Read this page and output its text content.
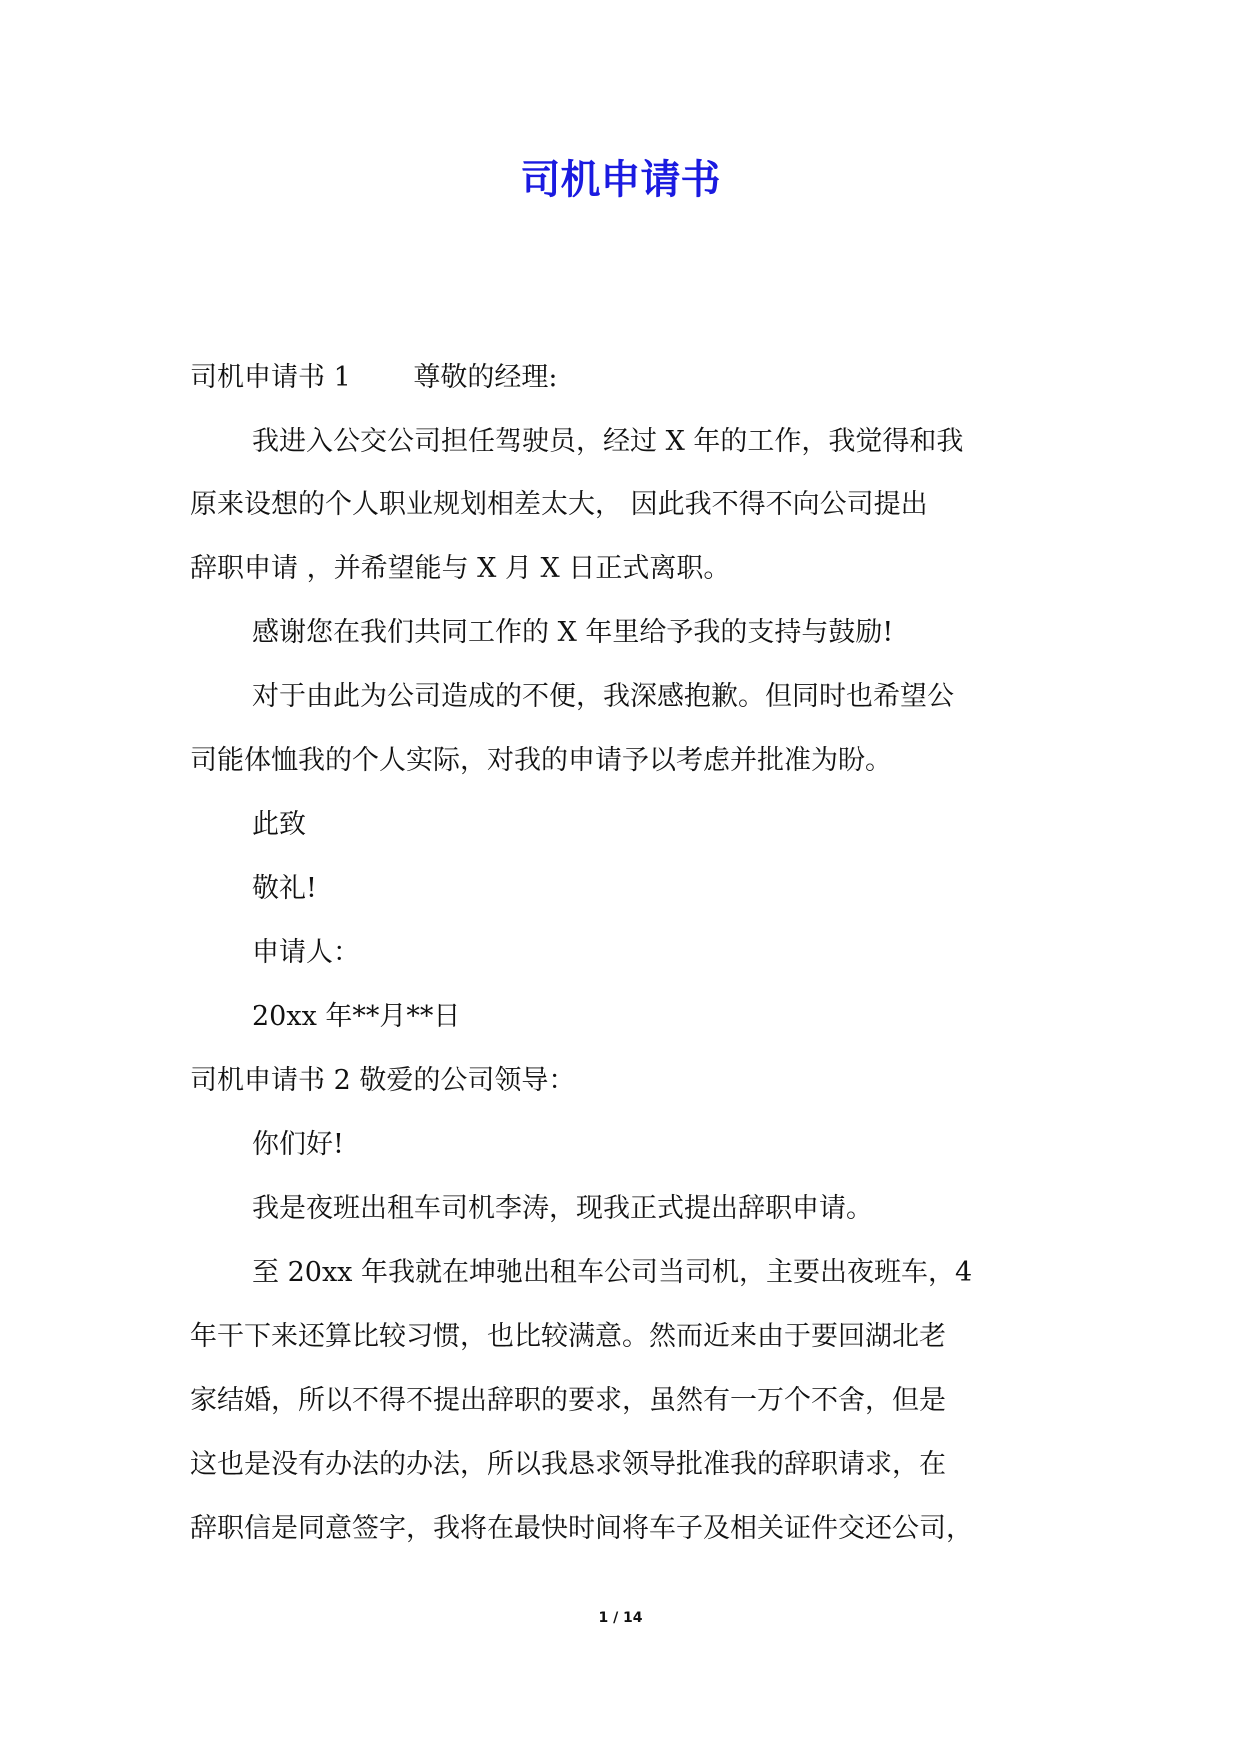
司机申请书
司机申请书 1　　 尊敬的经理:
我进入公交公司担任驾驶员，经过 X 年的工作，我觉得和我
原来设想的个人职业规划相差太大， 因此我不得不向公司提出
辞职申请 ，并希望能与 X 月 X 日正式离职。
感谢您在我们共同工作的 X 年里给予我的支持与鼓励!
对于由此为公司造成的不便，我深感抱歉。但同时也希望公
司能体恤我的个人实际，对我的申请予以考虑并批准为盼。
此致
敬礼!
申请人：
20xx 年**月**日
司机申请书 2 敬爱的公司领导：
你们好!
我是夜班出租车司机李涛，现我正式提出辞职申请。
至 20xx 年我就在坤驰出租车公司当司机，主要出夜班车，4
年干下来还算比较习惯，也比较满意。然而近来由于要回湖北老
家结婚，所以不得不提出辞职的要求，虽然有一万个不舍，但是
这也是没有办法的办法，所以我恳求领导批准我的辞职请求，在
辞职信是同意签字，我将在最快时间将车子及相关证件交还公司，
1 / 14
